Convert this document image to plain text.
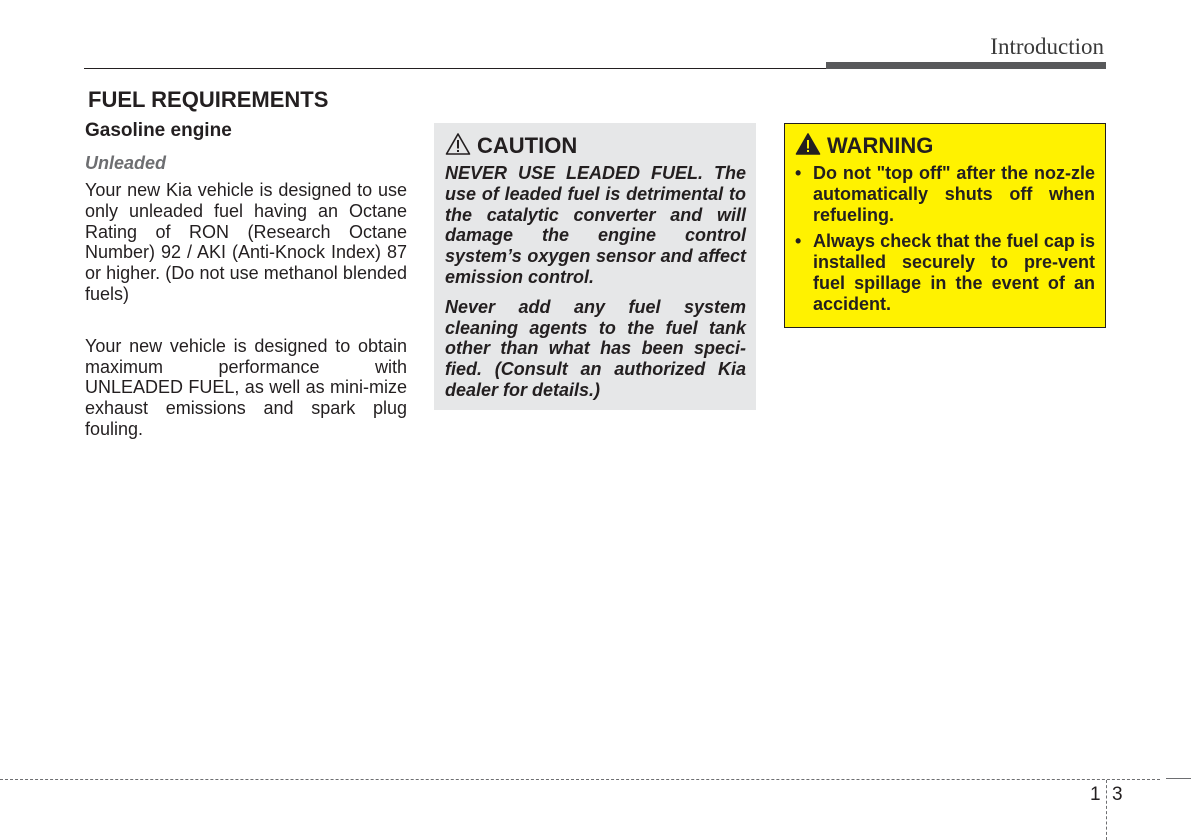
Introduction
FUEL REQUIREMENTS
Gasoline engine
Unleaded

Your new Kia vehicle is designed to use only unleaded fuel having an Octane Rating of RON (Research Octane Number) 92 / AKI (Anti-Knock Index) 87 or higher. (Do not use methanol blended fuels)

Your new vehicle is designed to obtain maximum performance with UNLEADED FUEL, as well as mini-mize exhaust emissions and spark plug fouling.

CAUTION

NEVER USE LEADED FUEL. The use of leaded fuel is detrimental to the catalytic converter and will damage the engine control system’s oxygen sensor and affect emission control.

Never add any fuel system cleaning agents to the fuel tank other than what has been speci-fied. (Consult an authorized Kia dealer for details.)

WARNING
• Do not "top off" after the noz-zle automatically shuts off when refueling.
• Always check that the fuel cap is installed securely to pre-vent fuel spillage in the event of an accident.
1 3
